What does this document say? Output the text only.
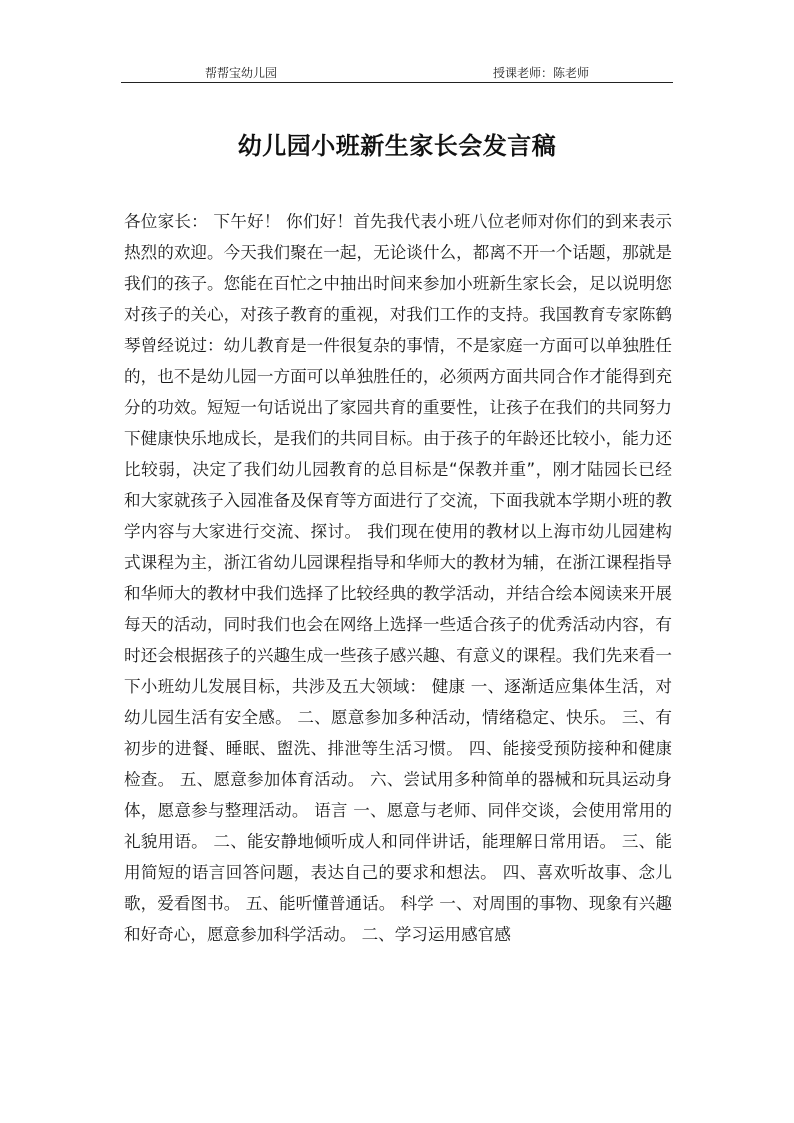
帮帮宝幼儿园	授课老师：陈老师
幼儿园小班新生家长会发言稿
各位家长： 下午好！ 你们好！首先我代表小班八位老师对你们的到来表示热烈的欢迎。今天我们聚在一起，无论谈什么，都离不开一个话题，那就是我们的孩子。您能在百忙之中抽出时间来参加小班新生家长会，足以说明您对孩子的关心，对孩子教育的重视，对我们工作的支持。我国教育专家陈鹤琴曾经说过：幼儿教育是一件很复杂的事情，不是家庭一方面可以单独胜任的，也不是幼儿园一方面可以单独胜任的，必须两方面共同合作才能得到充分的功效。短短一句话说出了家园共育的重要性，让孩子在我们的共同努力下健康快乐地成长，是我们的共同目标。由于孩子的年龄还比较小，能力还比较弱，决定了我们幼儿园教育的总目标是“保教并重”，刚才陆园长已经和大家就孩子入园准备及保育等方面进行了交流，下面我就本学期小班的教学内容与大家进行交流、探讨。 我们现在使用的教材以上海市幼儿园建构式课程为主，浙江省幼儿园课程指导和华师大的教材为辅，在浙江课程指导和华师大的教材中我们选择了比较经典的教学活动，并结合绘本阅读来开展每天的活动，同时我们也会在网络上选择一些适合孩子的优秀活动内容，有时还会根据孩子的兴趣生成一些孩子感兴趣、有意义的课程。我们先来看一下小班幼儿发展目标，共涉及五大领域： 健康 一、逐渐适应集体生活，对幼儿园生活有安全感。 二、愿意参加多种活动，情绪稳定、快乐。 三、有初步的进餐、睡眠、盥洗、排泄等生活习惯。 四、能接受预防接种和健康检查。 五、愿意参加体育活动。 六、尝试用多种简单的器械和玩具运动身体，愿意参与整理活动。 语言 一、愿意与老师、同伴交谈，会使用常用的礼貌用语。 二、能安静地倾听成人和同伴讲话，能理解日常用语。 三、能用简短的语言回答问题，表达自己的要求和想法。 四、喜欢听故事、念儿歌，爱看图书。 五、能听懂普通话。 科学 一、对周围的事物、现象有兴趣和好奇心，愿意参加科学活动。 二、学习运用感官感
